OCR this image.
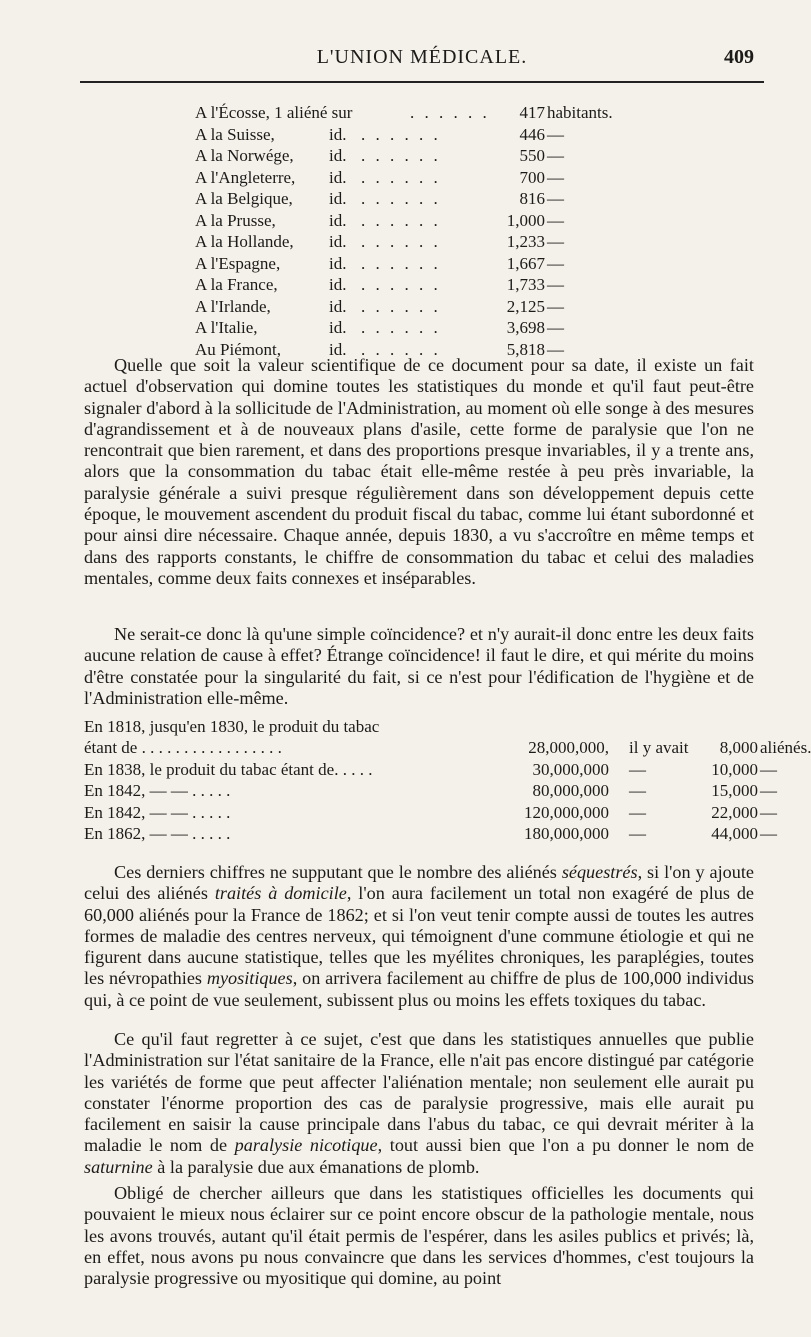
L'UNION MÉDICALE.	409
A l'Écosse, 1 aliéné sur	. . . . . .	417 habitants.
A la Suisse,	id. . . . . . .	446 —
A la Norwége, id. . . . . . .	550 —
A l'Angleterre, id. . . . . . .	700 —
A la Belgique, id. . . . . . .	816 —
A la Prusse,	id. . . . . . .	1,000 —
A la Hollande, id. . . . . . .	1,233 —
A l'Espagne,	id. . . . . . .	1,667 —
A la France,	id. . . . . . .	1,733 —
A l'Irlande,	id. . . . . . .	2,125 —
A l'Italie,	id. . . . . . .	3,698 —
Au Piémont,	id. . . . . . .	5,818 —

Quelle que soit la valeur scientifique de ce document pour sa date, il existe un fait actuel d'observation qui domine toutes les statistiques du monde et qu'il faut peut-être signaler d'abord à la sollicitude de l'Administration, au moment où elle songe à des mesures d'agrandissement et à de nouveaux plans d'asile, cette forme de paralysie que l'on ne rencontrait que bien rarement, et dans des proportions presque invariables, il y a trente ans, alors que la consommation du tabac était elle-même restée à peu près invariable, la paralysie générale a suivi presque régulièrement dans son développement depuis cette époque, le mouvement ascendent du produit fiscal du tabac, comme lui étant subordonné et pour ainsi dire nécessaire. Chaque année, depuis 1830, a vu s'accroître en même temps et dans des rapports constants, le chiffre de consommation du tabac et celui des maladies mentales, comme deux faits connexes et inséparables.

Ne serait-ce donc là qu'une simple coïncidence? et n'y aurait-il donc entre les deux faits aucune relation de cause à effet? Étrange coïncidence! il faut le dire, et qui mérite du moins d'être constatée pour la singularité du fait, si ce n'est pour l'édification de l'hygiène et de l'Administration elle-même.

En 1818, jusqu'en 1830, le produit du tabac
étant de . . . . . . . . . . . . . . . . .	28,000,000, il y avait	8,000 aliénés.
En 1838, le produit du tabac étant de. . . . .	30,000,000 —	10,000 —
En 1842, — — . . . . .	80,000,000 —	15,000 —
En 1842, — — . . . . .	120,000,000 —	22,000 —
En 1862, — — . . . . .	180,000,000 —	44,000 —

Ces derniers chiffres ne supputant que le nombre des aliénés séquestrés, si l'on y ajoute celui des aliénés traités à domicile, l'on aura facilement un total non exagéré de plus de 60,000 aliénés pour la France de 1862; et si l'on veut tenir compte aussi de toutes les autres formes de maladie des centres nerveux, qui témoignent d'une commune étiologie et qui ne figurent dans aucune statistique, telles que les myélites chroniques, les paraplégies, toutes les névropathies myositiques, on arrivera facilement au chiffre de plus de 100,000 individus qui, à ce point de vue seulement, subissent plus ou moins les effets toxiques du tabac.

Ce qu'il faut regretter à ce sujet, c'est que dans les statistiques annuelles que publie l'Administration sur l'état sanitaire de la France, elle n'ait pas encore distingué par catégorie les variétés de forme que peut affecter l'aliénation mentale; non seulement elle aurait pu constater l'énorme proportion des cas de paralysie progressive, mais elle aurait pu facilement en saisir la cause principale dans l'abus du tabac, ce qui devrait mériter à la maladie le nom de paralysie nicotique, tout aussi bien que l'on a pu donner le nom de saturnine à la paralysie due aux émanations de plomb.

Obligé de chercher ailleurs que dans les statistiques officielles les documents qui pouvaient le mieux nous éclairer sur ce point encore obscur de la pathologie mentale, nous les avons trouvés, autant qu'il était permis de l'espérer, dans les asiles publics et privés; là, en effet, nous avons pu nous convaincre que dans les services d'hommes, c'est toujours la paralysie progressive ou myositique qui domine, au point
